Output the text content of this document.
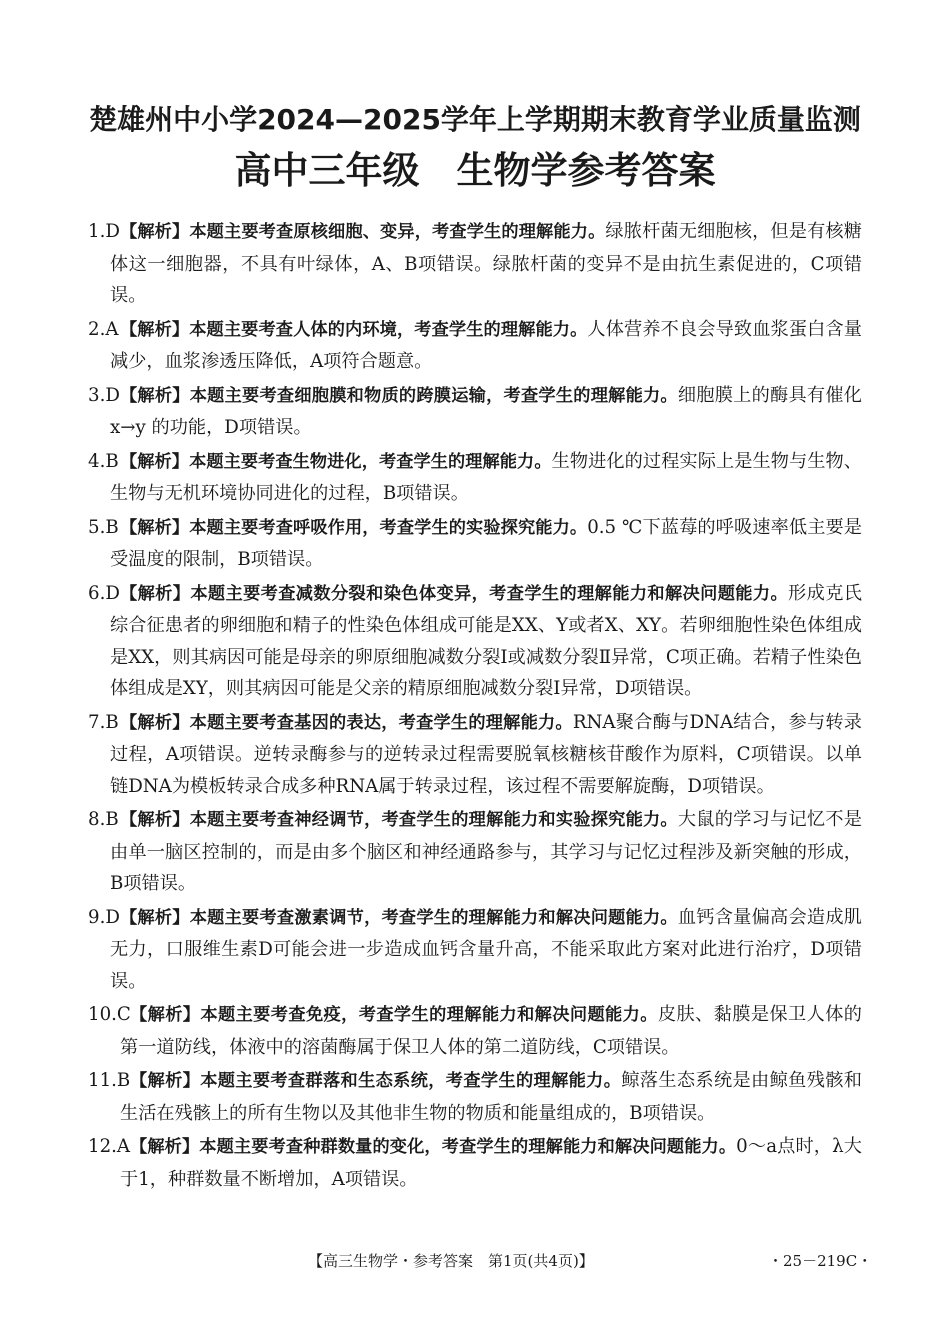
楚雄州中小学2024—2025学年上学期期末教育学业质量监测
高中三年级　生物学参考答案
1.D 【解析】本题主要考查原核细胞、变异，考查学生的理解能力。绿脓杆菌无细胞核，但是有核糖体这一细胞器，不具有叶绿体，A、B项错误。绿脓杆菌的变异不是由抗生素促进的，C项错误。
2.A 【解析】本题主要考查人体的内环境，考查学生的理解能力。人体营养不良会导致血浆蛋白含量减少，血浆渗透压降低，A项符合题意。
3.D 【解析】本题主要考查细胞膜和物质的跨膜运输，考查学生的理解能力。细胞膜上的酶具有催化 x→y 的功能，D项错误。
4.B 【解析】本题主要考查生物进化，考查学生的理解能力。生物进化的过程实际上是生物与生物、生物与无机环境协同进化的过程，B项错误。
5.B 【解析】本题主要考查呼吸作用，考查学生的实验探究能力。0.5 ℃下蓝莓的呼吸速率低主要是受温度的限制，B项错误。
6.D 【解析】本题主要考查减数分裂和染色体变异，考查学生的理解能力和解决问题能力。形成克氏综合征患者的卵细胞和精子的性染色体组成可能是XX、Y或者X、XY。若卵细胞性染色体组成是XX，则其病因可能是母亲的卵原细胞减数分裂Ⅰ或减数分裂Ⅱ异常，C项正确。若精子性染色体组成是XY，则其病因可能是父亲的精原细胞减数分裂Ⅰ异常，D项错误。
7.B 【解析】本题主要考查基因的表达，考查学生的理解能力。RNA聚合酶与DNA结合，参与转录过程，A项错误。逆转录酶参与的逆转录过程需要脱氧核糖核苷酸作为原料，C项错误。以单链DNA为模板转录合成多种RNA属于转录过程，该过程不需要解旋酶，D项错误。
8.B 【解析】本题主要考查神经调节，考查学生的理解能力和实验探究能力。大鼠的学习与记忆不是由单一脑区控制的，而是由多个脑区和神经通路参与，其学习与记忆过程涉及新突触的形成，B项错误。
9.D 【解析】本题主要考查激素调节，考查学生的理解能力和解决问题能力。血钙含量偏高会造成肌无力，口服维生素D可能会进一步造成血钙含量升高，不能采取此方案对此进行治疗，D项错误。
10.C 【解析】本题主要考查免疫，考查学生的理解能力和解决问题能力。皮肤、黏膜是保卫人体的第一道防线，体液中的溶菌酶属于保卫人体的第二道防线，C项错误。
11.B 【解析】本题主要考查群落和生态系统，考查学生的理解能力。鲸落生态系统是由鲸鱼残骸和生活在残骸上的所有生物以及其他非生物的物质和能量组成的，B项错误。
12.A 【解析】本题主要考查种群数量的变化，考查学生的理解能力和解决问题能力。0～a点时，λ大于1，种群数量不断增加，A项错误。
【高三生物学・参考答案　第1页(共4页)】	・25－219C・
